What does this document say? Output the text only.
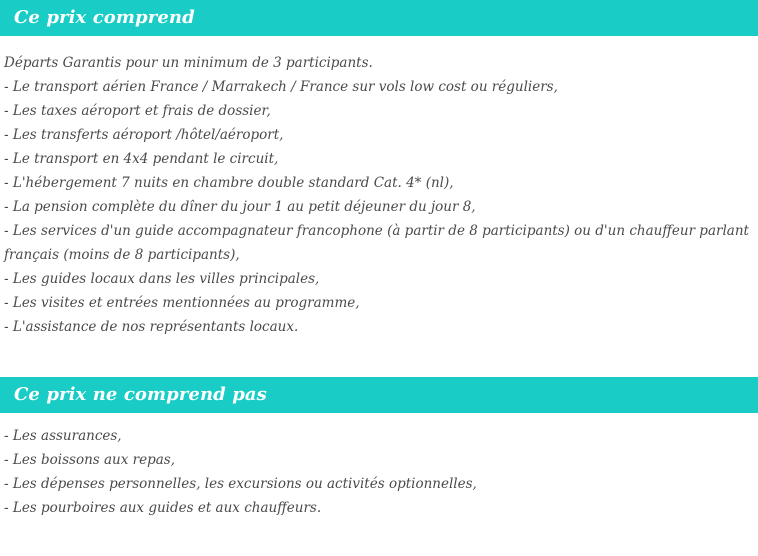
Ce prix comprend
Départs Garantis pour un minimum de 3 participants.
- Le transport aérien France / Marrakech / France sur vols low cost ou réguliers,
- Les taxes aéroport et frais de dossier,
- Les transferts aéroport /hôtel/aéroport,
- Le transport en 4x4 pendant le circuit,
- L'hébergement 7 nuits en chambre double standard Cat. 4* (nl),
- La pension complète du dîner du jour 1 au petit déjeuner du jour 8,
- Les services d'un guide accompagnateur francophone (à partir de 8 participants) ou d'un chauffeur parlant français (moins de 8 participants),
- Les guides locaux dans les villes principales,
- Les visites et entrées mentionnées au programme,
- L'assistance de nos représentants locaux.
Ce prix ne comprend pas
- Les assurances,
- Les boissons aux repas,
- Les dépenses personnelles, les excursions ou activités optionnelles,
- Les pourboires aux guides et aux chauffeurs.
